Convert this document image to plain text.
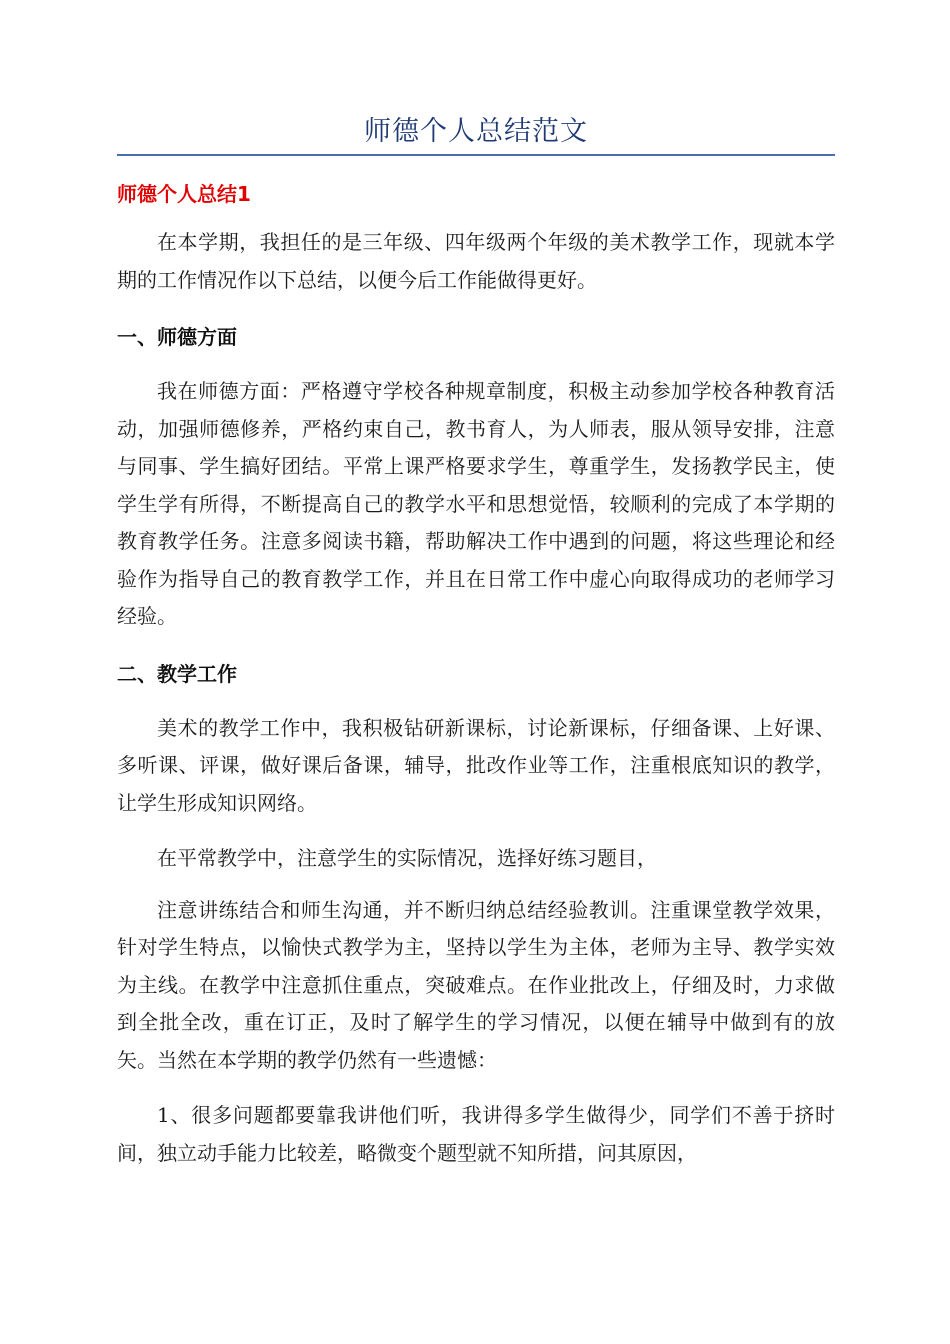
师德个人总结范文
师德个人总结1

在本学期，我担任的是三年级、四年级两个年级的美术教学工作，现就本学期的工作情况作以下总结，以便今后工作能做得更好。

一、师德方面

我在师德方面：严格遵守学校各种规章制度，积极主动参加学校各种教育活动，加强师德修养，严格约束自己，教书育人，为人师表，服从领导安排，注意与同事、学生搞好团结。平常上课严格要求学生，尊重学生，发扬教学民主，使学生学有所得，不断提高自己的教学水平和思想觉悟，较顺利的完成了本学期的教育教学任务。注意多阅读书籍，帮助解决工作中遇到的问题，将这些理论和经验作为指导自己的教育教学工作，并且在日常工作中虚心向取得成功的老师学习经验。

二、教学工作

美术的教学工作中，我积极钻研新课标，讨论新课标，仔细备课、上好课、多听课、评课，做好课后备课，辅导，批改作业等工作，注重根底知识的教学，让学生形成知识网络。

在平常教学中，注意学生的实际情况，选择好练习题目，

注意讲练结合和师生沟通，并不断归纳总结经验教训。注重课堂教学效果，针对学生特点，以愉快式教学为主，坚持以学生为主体，老师为主导、教学实效为主线。在教学中注意抓住重点，突破难点。在作业批改上，仔细及时，力求做到全批全改，重在订正，及时了解学生的学习情况，以便在辅导中做到有的放矢。当然在本学期的教学仍然有一些遗憾：

1、很多问题都要靠我讲他们听，我讲得多学生做得少，同学们不善于挤时间，独立动手能力比较差，略微变个题型就不知所措，问其原因，
